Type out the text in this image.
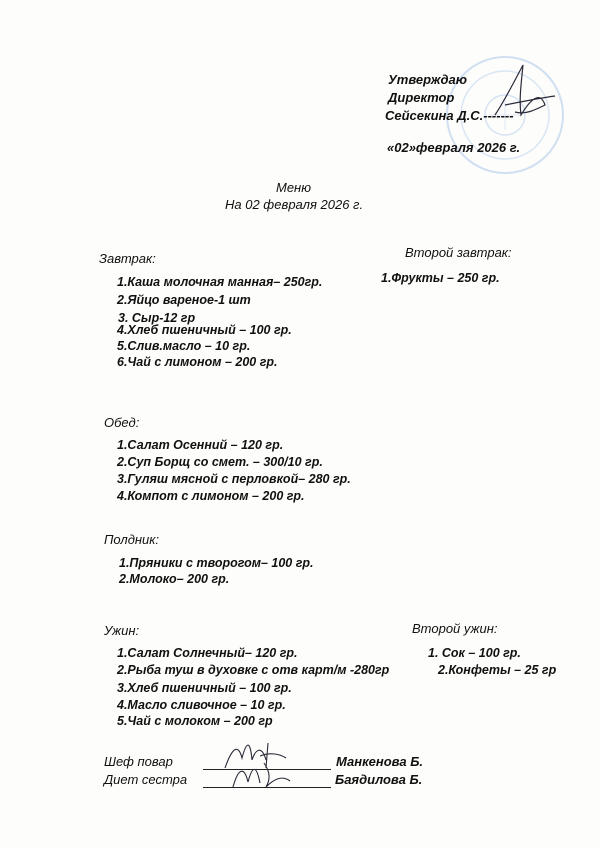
Утверждаю
Директор
Сейсекина Д.С.-------
«02»февраля 2026 г.
Меню
На 02 февраля 2026 г.
Завтрак:
1.Каша молочная манная– 250гр.
2.Яйцо вареное-1 шт
3. Сыр-12 гр
4.Хлеб пшеничный – 100 гр.
5.Слив.масло – 10 гр.
6.Чай с лимоном – 200 гр.
Второй завтрак:
1.Фрукты – 250 гр.
Обед:
1.Салат Осенний – 120 гр.
2.Суп Борщ со смет. – 300/10 гр.
3.Гуляш мясной с перловкой– 280 гр.
4.Компот с лимоном – 200 гр.
Полдник:
1.Пряники с творогом– 100 гр.
2.Молоко– 200 гр.
Ужин:
1.Салат Солнечный– 120 гр.
2.Рыба туш в духовке с отв карт/м -280гр
3.Хлеб пшеничный – 100 гр.
4.Масло сливочное – 10 гр.
5.Чай с молоком – 200 гр
Второй ужин:
1. Сок – 100 гр.
2.Конфеты – 25 гр
Шеф повар	Манкенова Б.
Диет сестра	Баядилова Б.
